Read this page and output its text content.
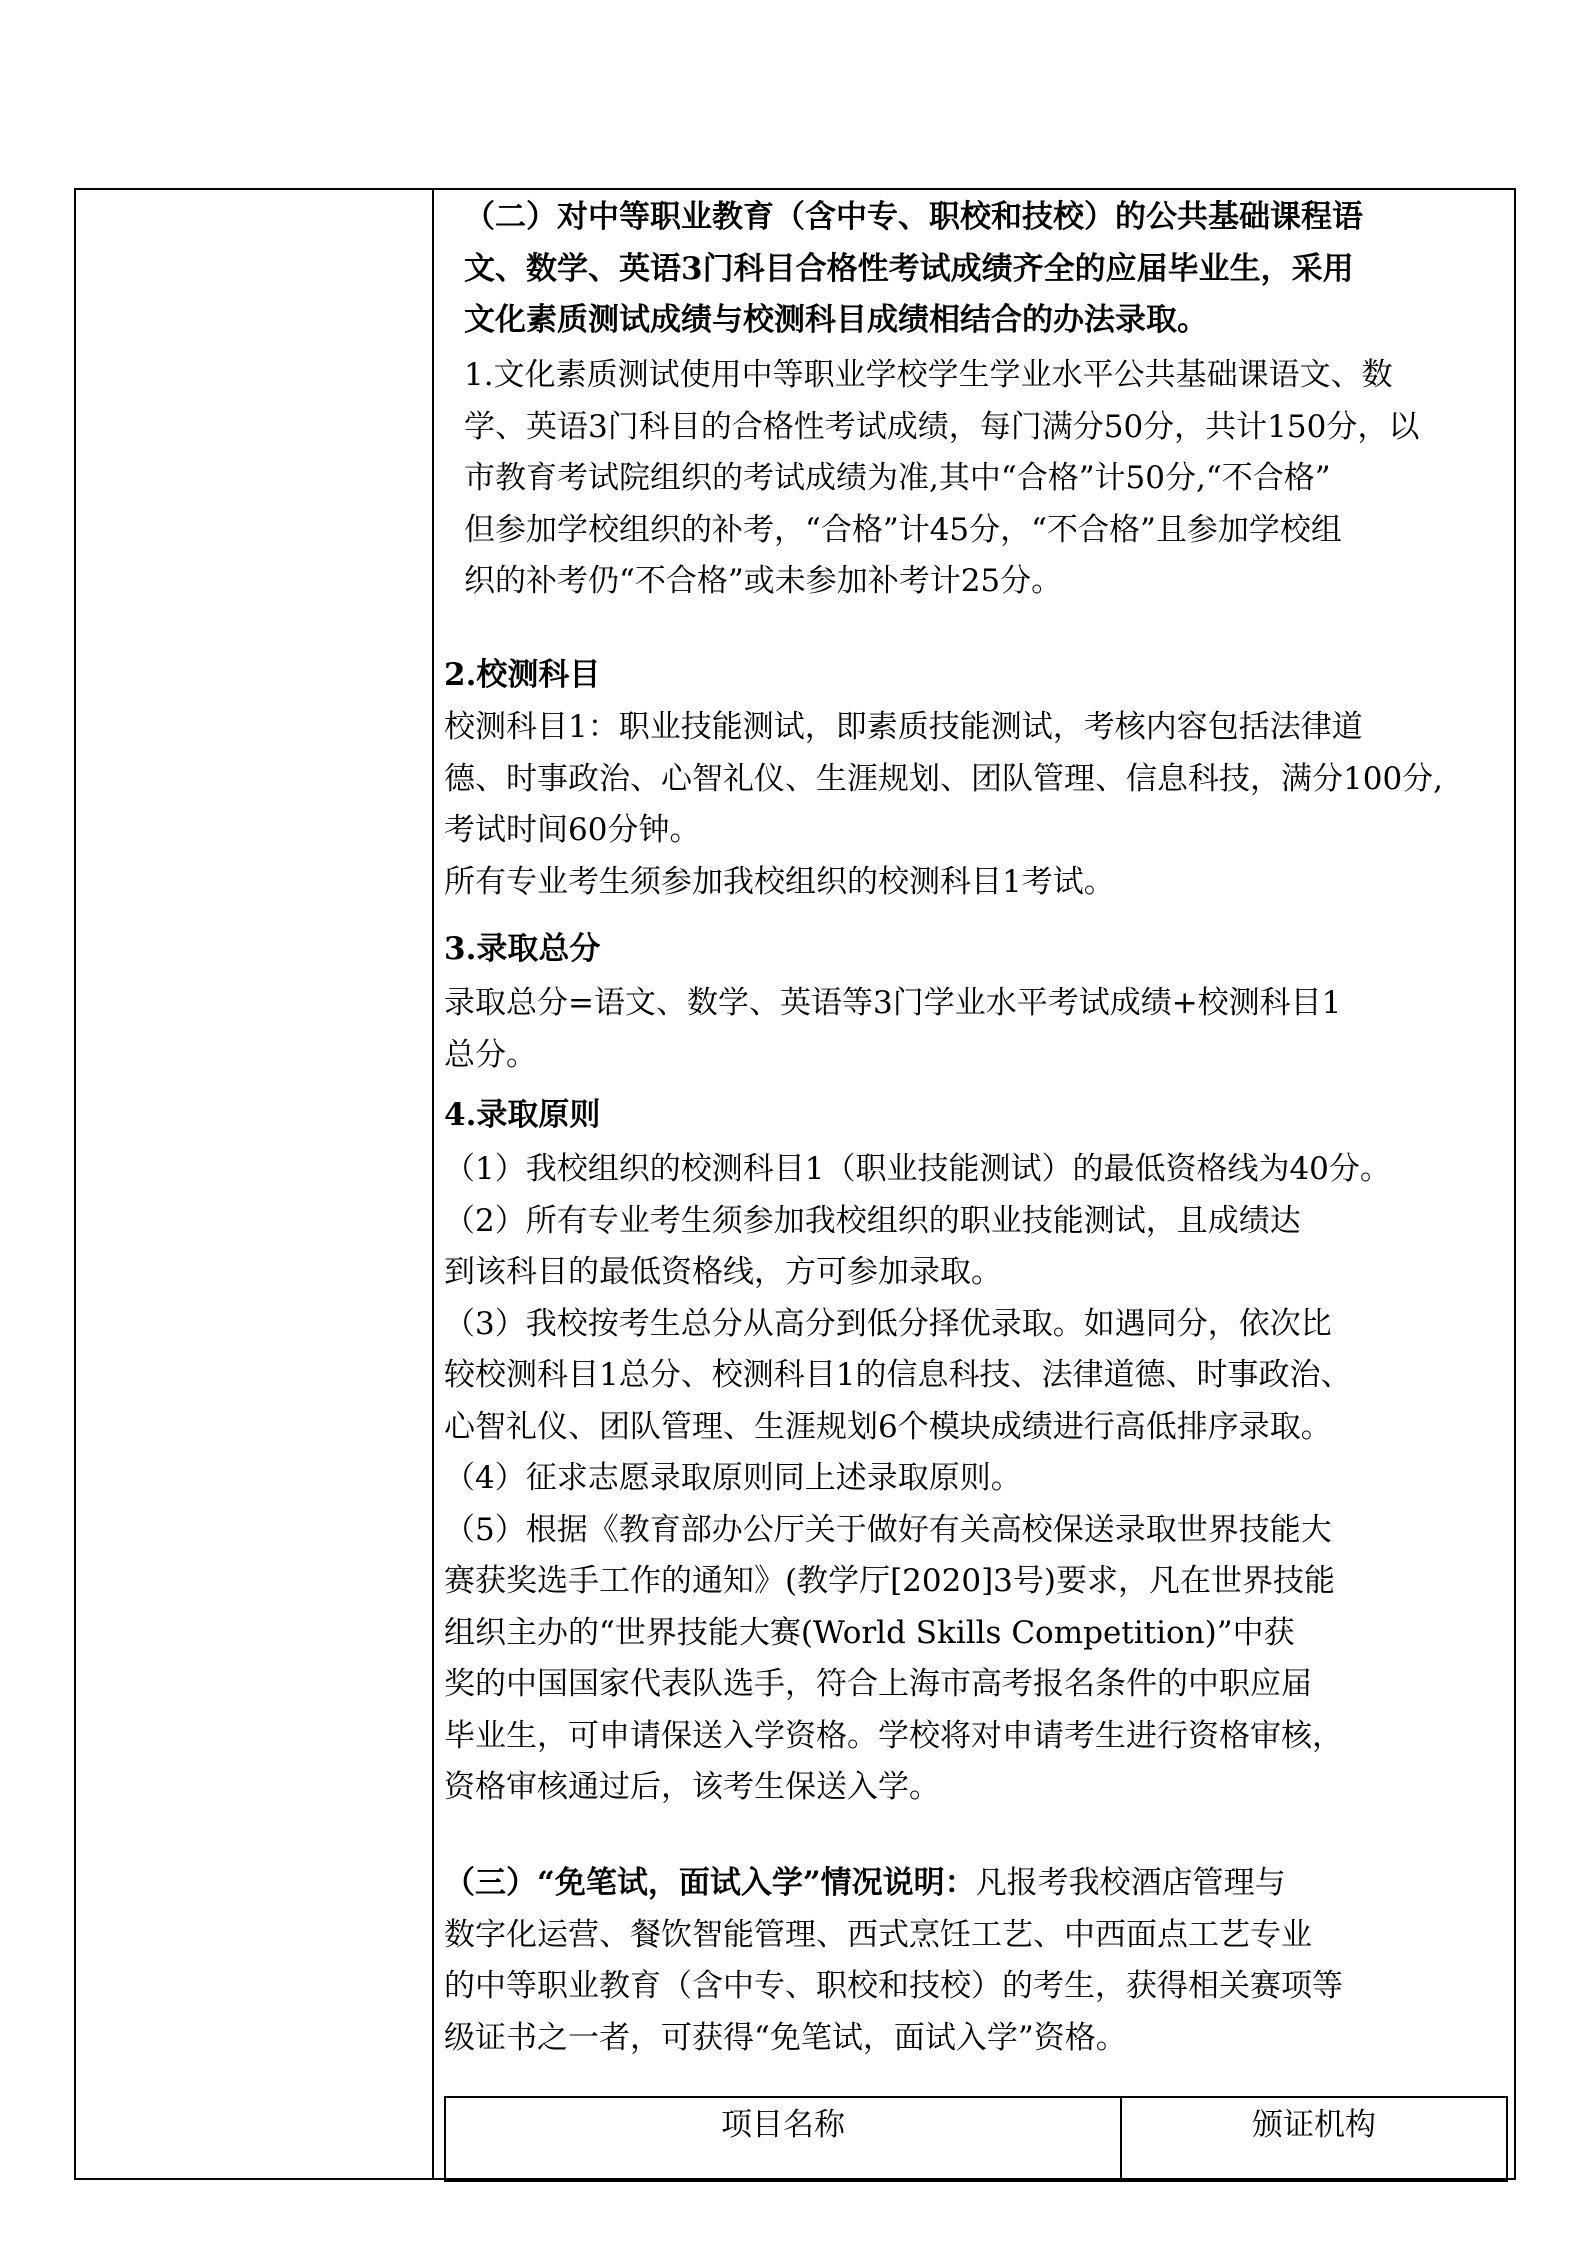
（二）对中等职业教育（含中专、职校和技校）的公共基础课程语

文、数学、英语3门科目合格性考试成绩齐全的应届毕业生，采用

文化素质测试成绩与校测科目成绩相结合的办法录取。

1.文化素质测试使用中等职业学校学生学业水平公共基础课语文、数

学、英语3门科目的合格性考试成绩，每门满分50分，共计150分，以

市教育考试院组织的考试成绩为准,其中“合格”计50分,“不合格”

但参加学校组织的补考，“合格”计45分，“不合格”且参加学校组

织的补考仍“不合格”或未参加补考计25分。

2.校测科目

校测科目1：职业技能测试，即素质技能测试，考核内容包括法律道

德、时事政治、心智礼仪、生涯规划、团队管理、信息科技，满分100分,

考试时间60分钟。

所有专业考生须参加我校组织的校测科目1考试。

3.录取总分

录取总分=语文、数学、英语等3门学业水平考试成绩+校测科目1

总分。

4.录取原则

（1）我校组织的校测科目1（职业技能测试）的最低资格线为40分。

（2）所有专业考生须参加我校组织的职业技能测试，且成绩达

到该科目的最低资格线，方可参加录取。

（3）我校按考生总分从高分到低分择优录取。如遇同分，依次比

较校测科目1总分、校测科目1的信息科技、法律道德、时事政治、

心智礼仪、团队管理、生涯规划6个模块成绩进行高低排序录取。

（4）征求志愿录取原则同上述录取原则。

（5）根据《教育部办公厅关于做好有关高校保送录取世界技能大

赛获奖选手工作的通知》(教学厅[2020]3号)要求，凡在世界技能

组织主办的“世界技能大赛(World Skills Competition)”中获

奖的中国国家代表队选手，符合上海市高考报名条件的中职应届

毕业生，可申请保送入学资格。学校将对申请考生进行资格审核，

资格审核通过后，该考生保送入学。

（三）“免笔试，面试入学”情况说明：凡报考我校酒店管理与

数字化运营、餐饮智能管理、西式烹饪工艺、中西面点工艺专业

的中等职业教育（含中专、职校和技校）的考生，获得相关赛项等

级证书之一者，可获得“免笔试，面试入学”资格。

项目名称	颁证机构
